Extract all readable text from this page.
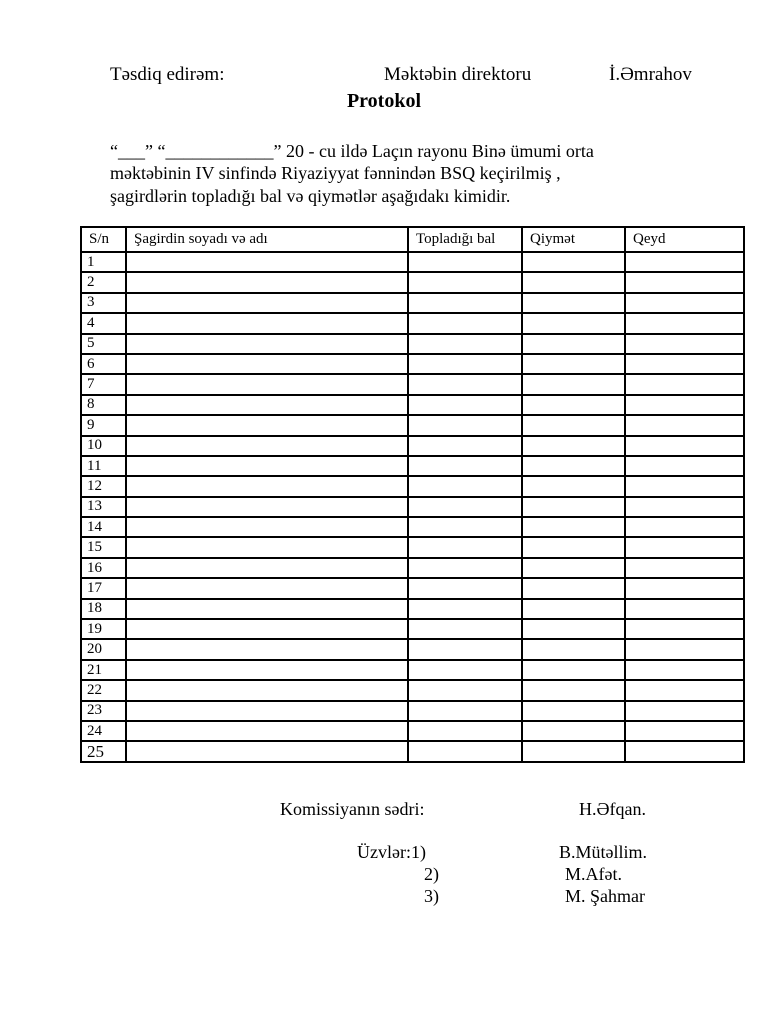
Təsdiq edirəm:	Məktəbin direktoru	İ.Əmrahov
Protokol
“___” “____________” 20 - cu ildə Laçın rayonu Binə ümumi orta
məktəbinin IV sinfində Riyaziyyat fənnindən BSQ keçirilmiş ,
şagirdlərin topladığı bal və qiymətlər aşağıdakı kimidir.
S/n	Şagirdin soyadı və adı	Topladığı bal	Qiymət	Qeyd
1				
2				
3				
4				
5				
6				
7				
8				
9				
10				
11				
12				
13				
14				
15				
16				
17				
18				
19				
20				
21				
22				
23				
24				
25				
Komissiyanın sədri:	H.Əfqan.
Üzvlər:1)	B.Mütəllim.
2)	M.Afət.
3)	M. Şahmar
